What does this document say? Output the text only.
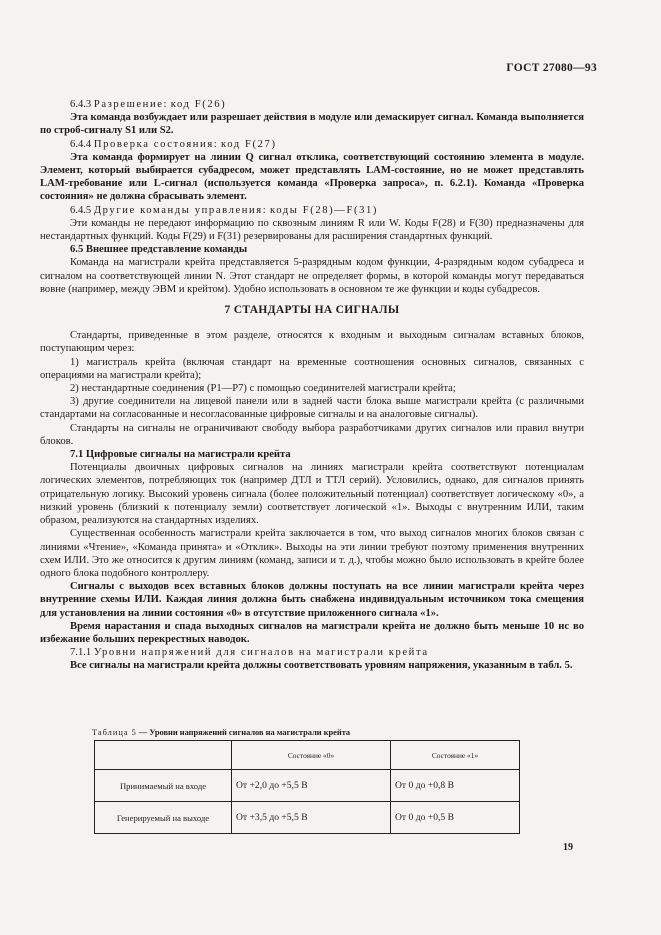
ГОСТ 27080—93

6.4.3 Разрешение: код F(26)

Эта команда возбуждает или разрешает действия в модуле или демаскирует сигнал. Команда выполняется по строб-сигналу S1 или S2.

6.4.4 Проверка состояния: код F(27)

Эта команда формирует на линии Q сигнал отклика, соответствующий состоянию элемента в модуле. Элемент, который выбирается субадресом, может представлять LAM-состояние, но не может представлять LAM-требование или L-сигнал (используется команда «Проверка запроса», п. 6.2.1). Команда «Проверка состояния» не должна сбрасывать элемент.

6.4.5 Другие команды управления: коды F(28)—F(31)

Эти команды не передают информацию по сквозным линиям R или W. Коды F(28) и F(30) предназначены для нестандартных функций. Коды F(29) и F(31) резервированы для расширения стандартных функций.

6.5 Внешнее представление команды

Команда на магистрали крейта представляется 5-разрядным кодом функции, 4-разрядным кодом субадреса и сигналом на соответствующей линии N. Этот стандарт не определяет формы, в которой команды могут передаваться вовне (например, между ЭВМ и крейтом). Удобно использовать в основном те же функции и коды субадресов.

7 СТАНДАРТЫ НА СИГНАЛЫ

Стандарты, приведенные в этом разделе, относятся к входным и выходным сигналам вставных блоков, поступающим через:

1) магистраль крейта (включая стандарт на временные соотношения основных сигналов, связанных с операциями на магистрали крейта);

2) нестандартные соединения (P1—P7) с помощью соединителей магистрали крейта;

3) другие соединители на лицевой панели или в задней части блока выше магистрали крейта (с различными стандартами на согласованные и несогласованные цифровые сигналы и на аналоговые сигналы).

Стандарты на сигналы не ограничивают свободу выбора разработчиками других сигналов или правил внутри блоков.

7.1 Цифровые сигналы на магистрали крейта

Потенциалы двоичных цифровых сигналов на линиях магистрали крейта соответствуют потенциалам логических элементов, потребляющих ток (например ДТЛ и ТТЛ серий). Условились, однако, для сигналов принять отрицательную логику. Высокий уровень сигнала (более положительный потенциал) соответствует логическому «0», а низкий уровень (близкий к потенциалу земли) соответствует логической «1». Выходы с внутренним ИЛИ, таким образом, реализуются на стандартных изделиях.

Существенная особенность магистрали крейта заключается в том, что выход сигналов многих блоков связан с линиями «Чтение», «Команда принята» и «Отклик». Выходы на эти линии требуют поэтому применения внутренних схем ИЛИ. Это же относится к другим линиям (команд, записи и т. д.), чтобы можно было использовать в крейте более одного блока подобного контроллеру.

Сигналы с выходов всех вставных блоков должны поступать на все линии магистрали крейта через внутренние схемы ИЛИ. Каждая линия должна быть снабжена индивидуальным источником тока смещения для установления на линии состояния «0» в отсутствие приложенного сигнала «1».

Время нарастания и спада выходных сигналов на магистрали крейта не должно быть меньше 10 нс во избежание больших перекрестных наводок.

7.1.1 Уровни напряжений для сигналов на магистрали крейта

Все сигналы на магистрали крейта должны соответствовать уровням напряжения, указанным в табл. 5.

Таблица 5 — Уровни напряжений сигналов на магистрали крейта
	Состояние «0»	Состояние «1»
Принимаемый на входе	От +2,0 до +5,5 В	От 0 до +0,8 В
Генерируемый на выходе	От +3,5 до +5,5 В	От 0 до +0,5 В
19
